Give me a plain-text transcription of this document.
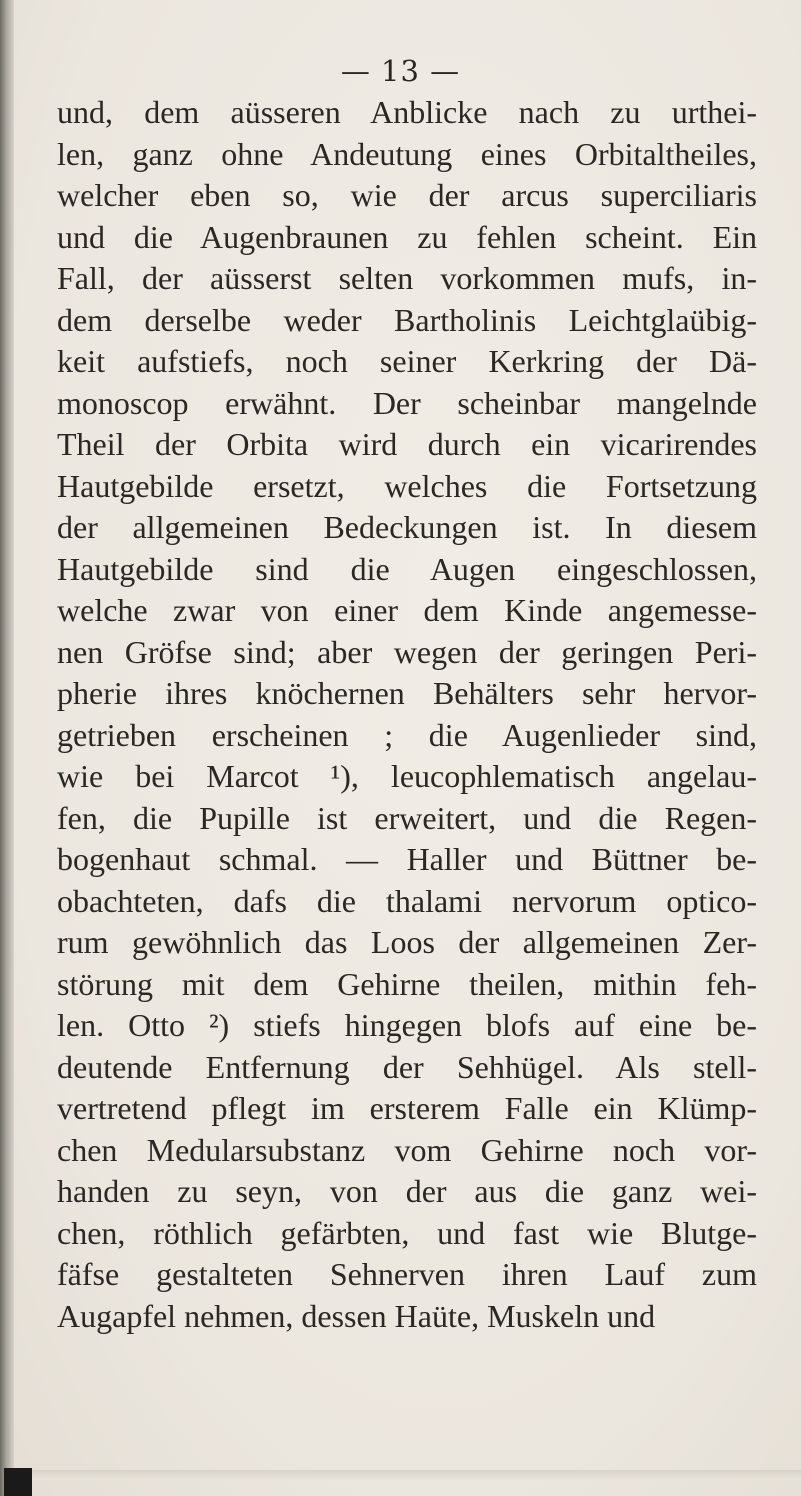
— 13 —
und, dem aüsseren Anblicke nach zu urthei-
len, ganz ohne Andeutung eines Orbitaltheiles,
welcher eben so, wie der arcus superciliaris
und die Augenbraunen zu fehlen scheint. Ein
Fall, der aüsserst selten vorkommen mufs, in-
dem derselbe weder Bartholinis Leichtglaübig-
keit aufstiefs, noch seiner Kerkring der Dä-
monoscop erwähnt. Der scheinbar mangelnde
Theil der Orbita wird durch ein vicarirendes
Hautgebilde ersetzt, welches die Fortsetzung
der allgemeinen Bedeckungen ist. In diesem
Hautgebilde sind die Augen eingeschlossen,
welche zwar von einer dem Kinde angemesse-
nen Gröfse sind; aber wegen der geringen Peri-
pherie ihres knöchernen Behälters sehr hervor-
getrieben erscheinen ; die Augenlieder sind,
wie bei Marcot ¹), leucophlematisch angelau-
fen, die Pupille ist erweitert, und die Regen-
bogenhaut schmal. — Haller und Büttner be-
obachteten, dafs die thalami nervorum optico-
rum gewöhnlich das Loos der allgemeinen Zer-
störung mit dem Gehirne theilen, mithin feh-
len. Otto ²) stiefs hingegen blofs auf eine be-
deutende Entfernung der Sehhügel. Als stell-
vertretend pflegt im ersterem Falle ein Klümp-
chen Medularsubstanz vom Gehirne noch vor-
handen zu seyn, von der aus die ganz wei-
chen, röthlich gefärbten, und fast wie Blutge-
fäfse gestalteten Sehnerven ihren Lauf zum
Augapfel nehmen, dessen Haüte, Muskeln und
